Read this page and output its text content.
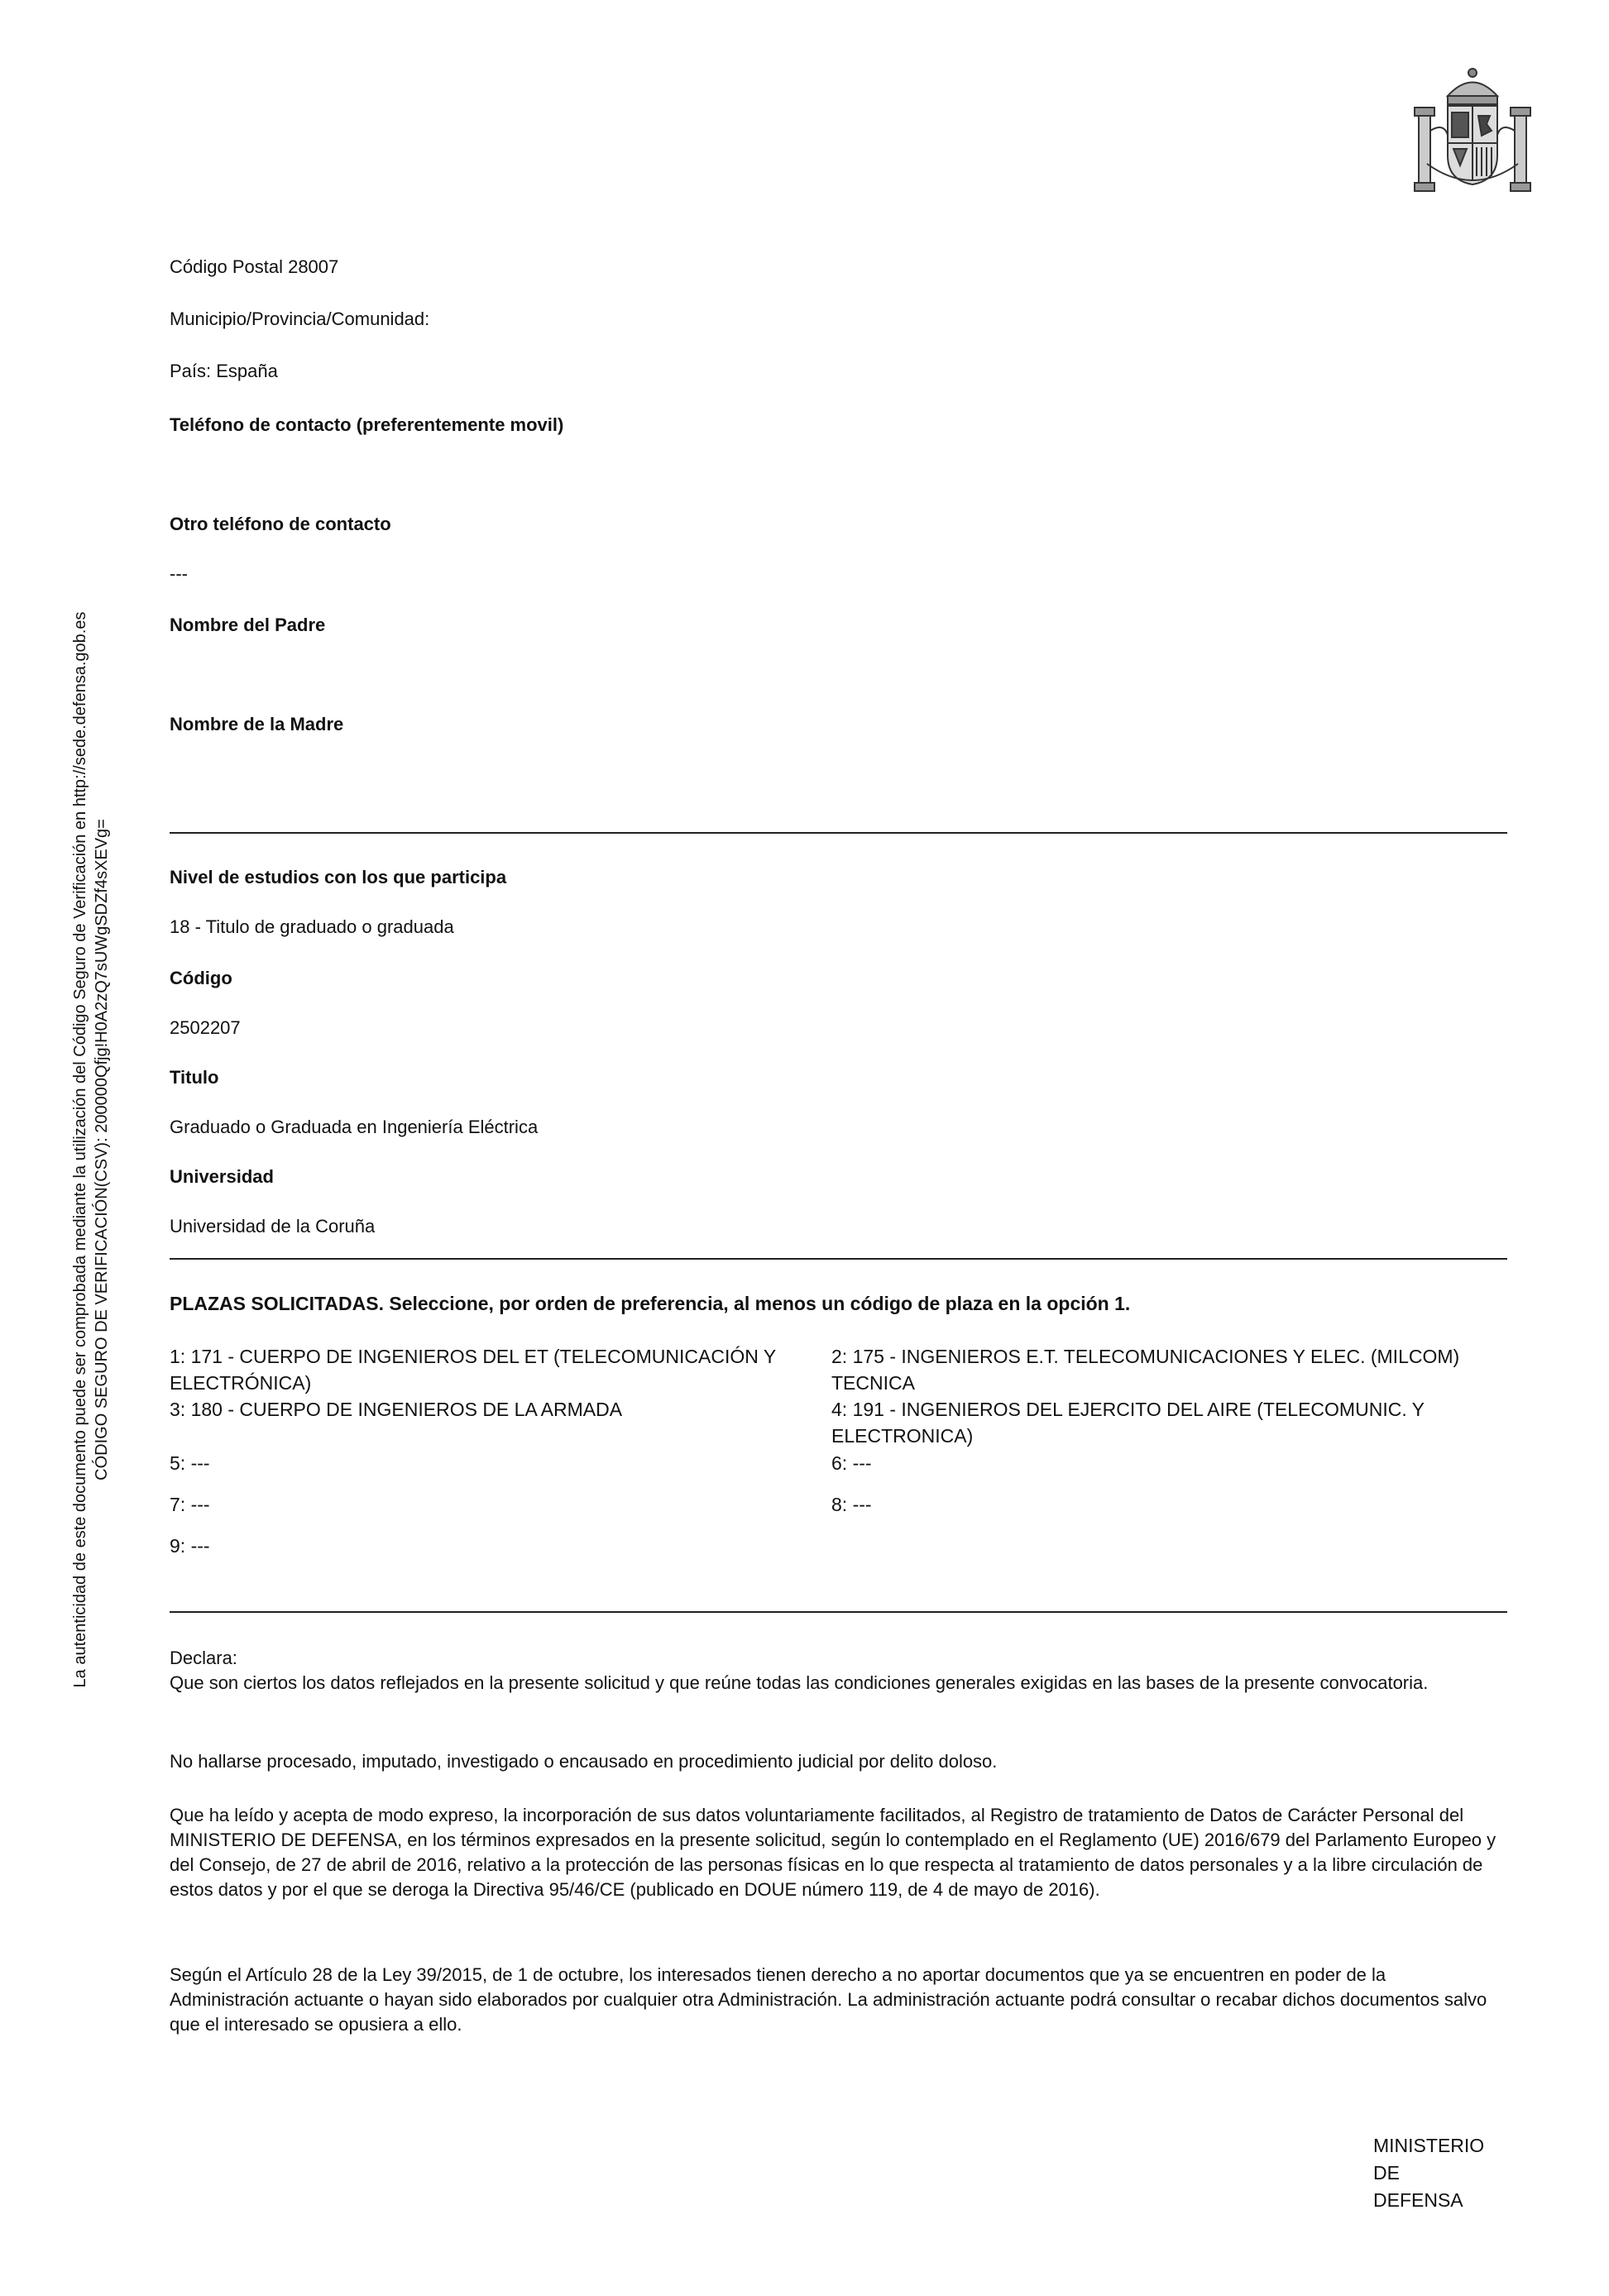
La autenticidad de este documento puede ser comprobada mediante la utilización del Código Seguro de Verificación en http://sede.defensa.gob.es CÓDIGO SEGURO DE VERIFICACIÓN(CSV): 200000Qfjg!H0A2zQ7sUWgSDZf4sXEVg=
Código Postal 28007
Municipio/Provincia/Comunidad:
País: España
Teléfono de contacto (preferentemente movil)
Otro teléfono de contacto
---
Nombre del Padre
Nombre de la Madre
Nivel de estudios con los que participa
18 - Titulo de graduado o graduada
Código
2502207
Titulo
Graduado o Graduada en Ingeniería Eléctrica
Universidad
Universidad de la Coruña
PLAZAS SOLICITADAS. Seleccione, por orden de preferencia, al menos un código de plaza en la opción 1.
1: 171 - CUERPO DE INGENIEROS DEL ET (TELECOMUNICACIÓN Y ELECTRÓNICA)
2: 175 - INGENIEROS E.T. TELECOMUNICACIONES Y ELEC. (MILCOM) TECNICA
3: 180 - CUERPO DE INGENIEROS DE LA ARMADA	4: 191 - INGENIEROS DEL EJERCITO DEL AIRE (TELECOMUNIC. Y ELECTRONICA)
5: ---	6: ---
7: ---	8: ---
9: ---
Declara:
Que son ciertos los datos reflejados en la presente solicitud y que reúne todas las condiciones generales exigidas en las bases de la presente convocatoria.
No hallarse procesado, imputado, investigado o encausado en procedimiento judicial por delito doloso.
Que ha leído y acepta de modo expreso, la incorporación de sus datos voluntariamente facilitados, al Registro de tratamiento de Datos de Carácter Personal del MINISTERIO DE DEFENSA, en los términos expresados en la presente solicitud, según lo contemplado en el Reglamento (UE) 2016/679 del Parlamento Europeo y del Consejo, de 27 de abril de 2016, relativo a la protección de las personas físicas en lo que respecta al tratamiento de datos personales y a la libre circulación de estos datos y por el que se deroga la Directiva 95/46/CE (publicado en DOUE número 119, de 4 de mayo de 2016).
Según el Artículo 28 de la Ley 39/2015, de 1 de octubre, los interesados tienen derecho a no aportar documentos que ya se encuentren en poder de la Administración actuante o hayan sido elaborados por cualquier otra Administración. La administración actuante podrá consultar o recabar dichos documentos salvo que el interesado se opusiera a ello.
MINISTERIO
DE
DEFENSA
